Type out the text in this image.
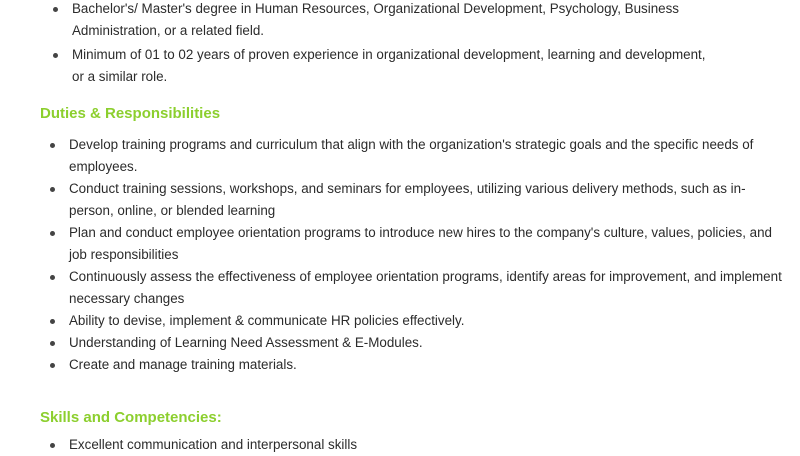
Bachelor's/ Master's degree in Human Resources, Organizational Development, Psychology, Business Administration, or a related field.
Minimum of 01 to 02 years of proven experience in organizational development, learning and development, or a similar role.
Duties & Responsibilities
Develop training programs and curriculum that align with the organization's strategic goals and the specific needs of employees.
Conduct training sessions, workshops, and seminars for employees, utilizing various delivery methods, such as in-person, online, or blended learning
Plan and conduct employee orientation programs to introduce new hires to the company's culture, values, policies, and job responsibilities
Continuously assess the effectiveness of employee orientation programs, identify areas for improvement, and implement necessary changes
Ability to devise, implement & communicate HR policies effectively.
Understanding of Learning Need Assessment & E-Modules.
Create and manage training materials.
Skills and Competencies:
Excellent communication and interpersonal skills
